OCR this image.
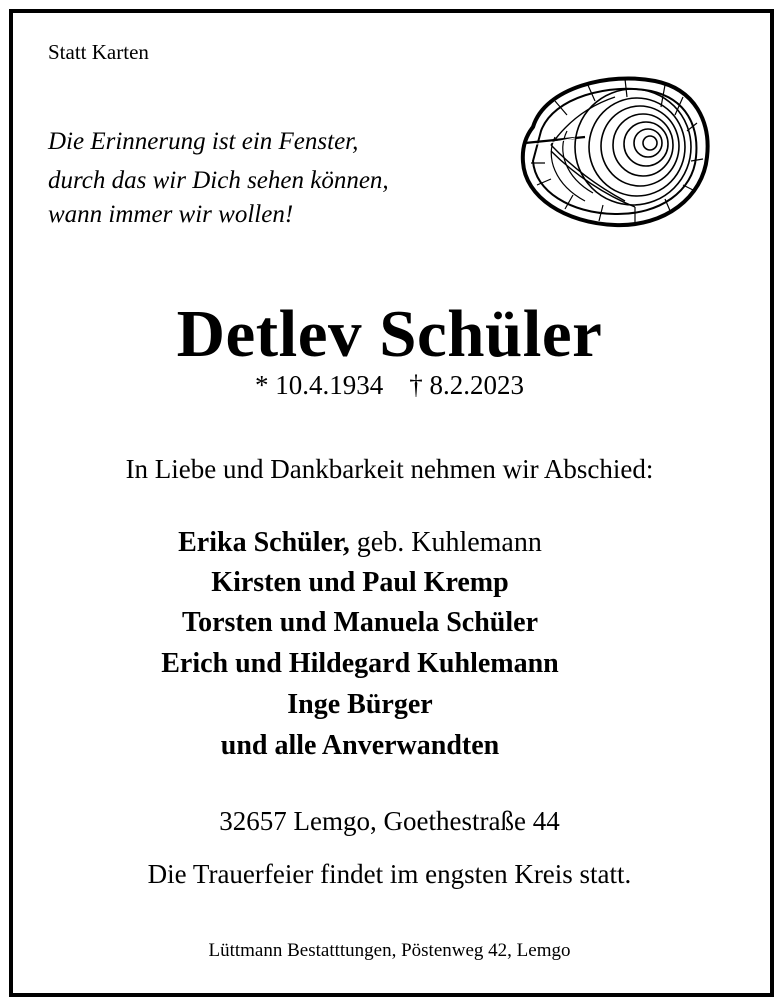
Statt Karten
Die Erinnerung ist ein Fenster,
durch das wir Dich sehen können,
wann immer wir wollen!
Detlev Schüler
* 10.4.1934 † 8.2.2023
In Liebe und Dankbarkeit nehmen wir Abschied:
Erika Schüler, geb. Kuhlemann
Kirsten und Paul Kremp
Torsten und Manuela Schüler
Erich und Hildegard Kuhlemann
Inge Bürger
und alle Anverwandten
32657 Lemgo, Goethestraße 44
Die Trauerfeier findet im engsten Kreis statt.
Lüttmann Bestatttungen, Pöstenweg 42, Lemgo
